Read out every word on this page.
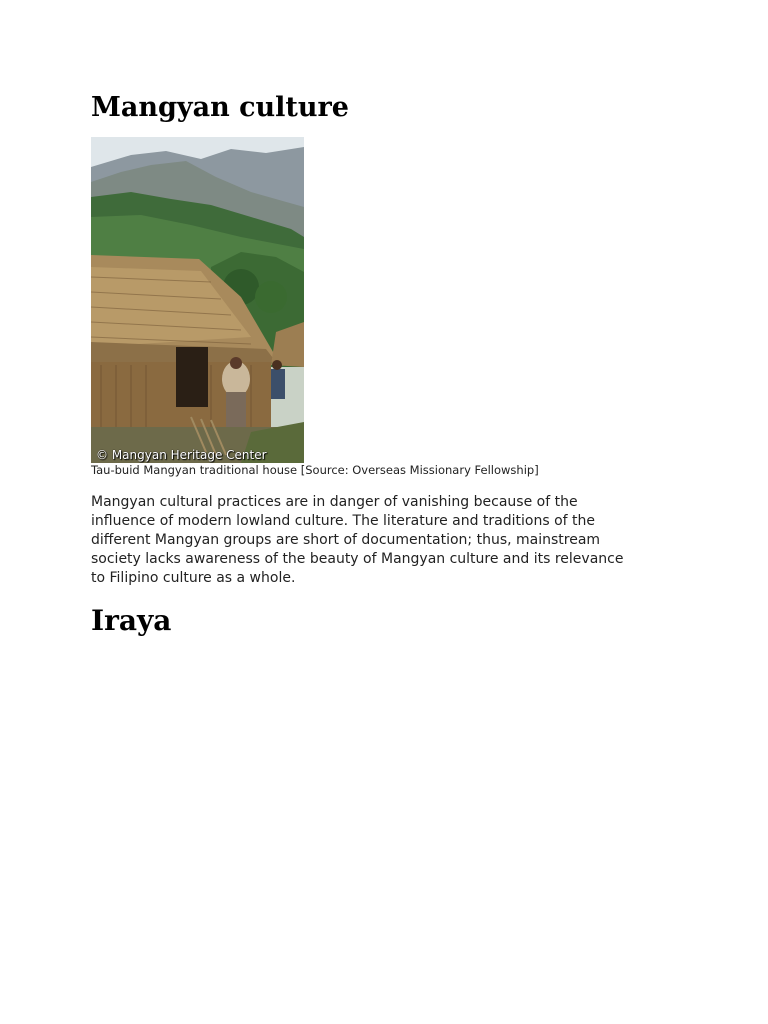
Mangyan culture
© Mangyan Heritage Center
Tau-buid Mangyan traditional house [Source: Overseas Missionary Fellowship]

Mangyan cultural practices are in danger of vanishing because of the
influence of modern lowland culture. The literature and traditions of the
different Mangyan groups are short of documentation; thus, mainstream
society lacks awareness of the beauty of Mangyan culture and its relevance
to Filipino culture as a whole.

Iraya
